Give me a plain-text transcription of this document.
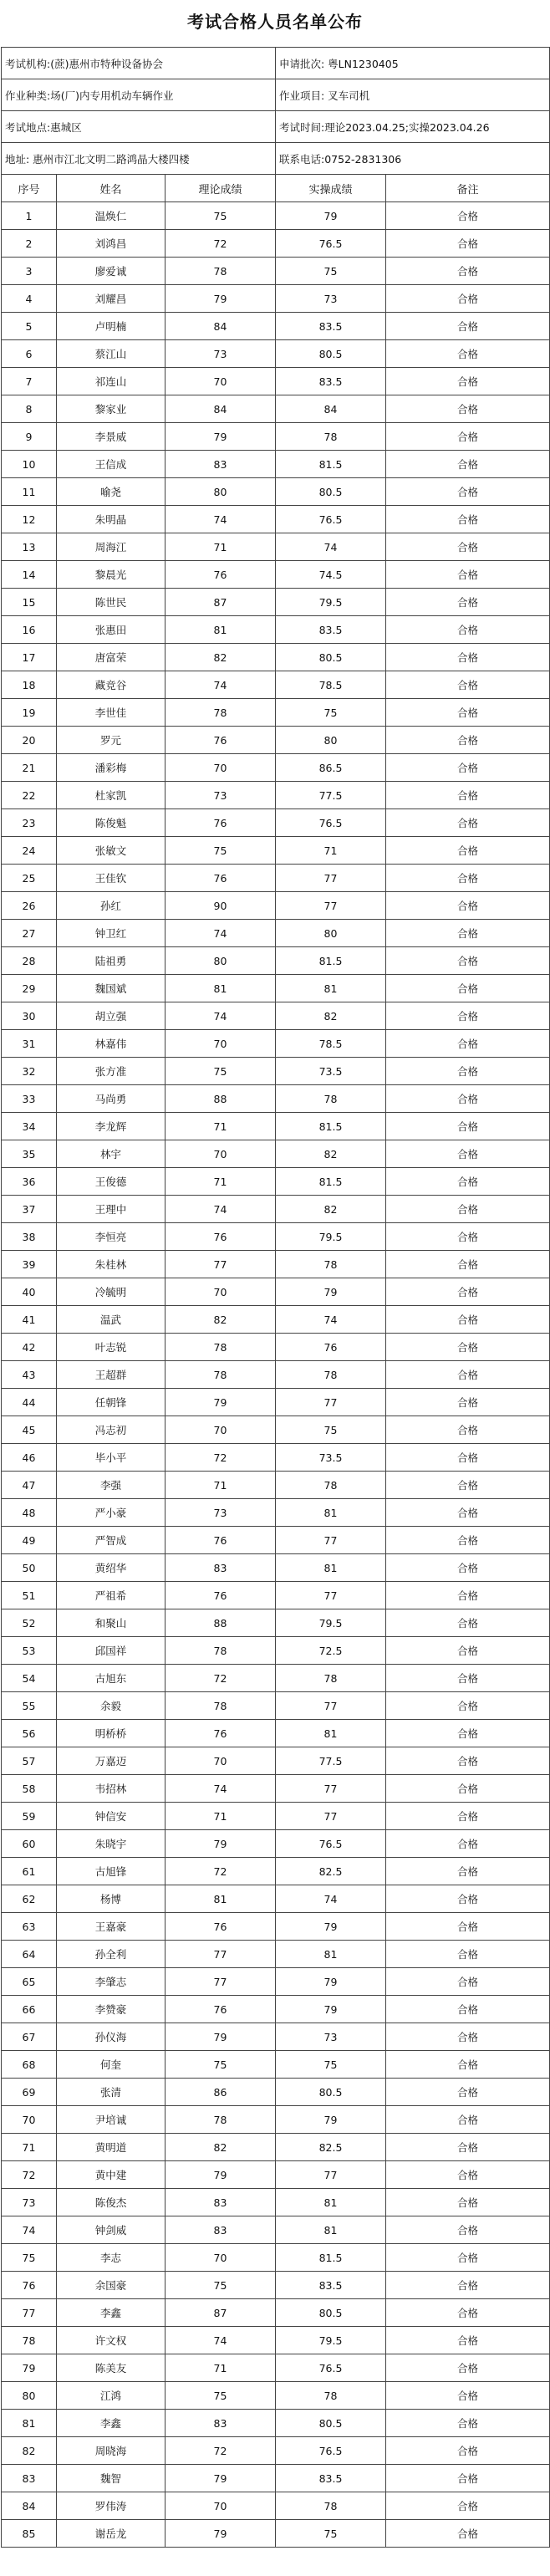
考试合格人员名单公布
考试机构:(蔗)惠州市特种设备协会	申请批次: 粤LN1230405
作业种类:场(厂)内专用机动车辆作业	作业项目: 叉车司机
考试地点:惠城区	考试时间:理论2023.04.25;实操2023.04.26
地址: 惠州市江北文明二路鸿晶大楼四楼	联系电话:0752-2831306
序号	姓名	理论成绩	实操成绩	备注
1	温焕仁	75	79	合格
2	刘鸿昌	72	76.5	合格
3	廖爱诚	78	75	合格
4	刘耀昌	79	73	合格
5	卢明楠	84	83.5	合格
6	蔡江山	73	80.5	合格
7	祁连山	70	83.5	合格
8	黎家业	84	84	合格
9	李景威	79	78	合格
10	王信成	83	81.5	合格
11	喻尧	80	80.5	合格
12	朱明晶	74	76.5	合格
13	周海江	71	74	合格
14	黎晨光	76	74.5	合格
15	陈世民	87	79.5	合格
16	张惠田	81	83.5	合格
17	唐富荣	82	80.5	合格
18	藏竞谷	74	78.5	合格
19	李世佳	78	75	合格
20	罗元	76	80	合格
21	潘彩梅	70	86.5	合格
22	杜家凯	73	77.5	合格
23	陈俊魁	76	76.5	合格
24	张敏文	75	71	合格
25	王佳钦	76	77	合格
26	孙红	90	77	合格
27	钟卫红	74	80	合格
28	陆祖勇	80	81.5	合格
29	魏国斌	81	81	合格
30	胡立强	74	82	合格
31	林嘉伟	70	78.5	合格
32	张方准	75	73.5	合格
33	马尚勇	88	78	合格
34	李龙辉	71	81.5	合格
35	林宇	70	82	合格
36	王俊德	71	81.5	合格
37	王理中	74	82	合格
38	李恒亮	76	79.5	合格
39	朱桂林	77	78	合格
40	冷毓明	70	79	合格
41	温武	82	74	合格
42	叶志锐	78	76	合格
43	王超群	78	78	合格
44	任朝锋	79	77	合格
45	冯志初	70	75	合格
46	毕小平	72	73.5	合格
47	李强	71	78	合格
48	严小豪	73	81	合格
49	严智成	76	77	合格
50	黄绍华	83	81	合格
51	严祖希	76	77	合格
52	和聚山	88	79.5	合格
53	邱国祥	78	72.5	合格
54	古旭东	72	78	合格
55	余毅	78	77	合格
56	明桥桥	76	81	合格
57	万嘉迈	70	77.5	合格
58	韦招林	74	77	合格
59	钟信安	71	77	合格
60	朱晓宇	79	76.5	合格
61	古旭锋	72	82.5	合格
62	杨博	81	74	合格
63	王嘉豪	76	79	合格
64	孙全利	77	81	合格
65	李肇志	77	79	合格
66	李赞豪	76	79	合格
67	孙仪海	79	73	合格
68	何奎	75	75	合格
69	张清	86	80.5	合格
70	尹培诚	78	79	合格
71	黄明道	82	82.5	合格
72	黄中建	79	77	合格
73	陈俊杰	83	81	合格
74	钟剑威	83	81	合格
75	李志	70	81.5	合格
76	余国豪	75	83.5	合格
77	李鑫	87	80.5	合格
78	许文权	74	79.5	合格
79	陈美友	71	76.5	合格
80	江鸿	75	78	合格
81	李鑫	83	80.5	合格
82	周晓海	72	76.5	合格
83	魏智	79	83.5	合格
84	罗伟涛	70	78	合格
85	谢岳龙	79	75	合格
